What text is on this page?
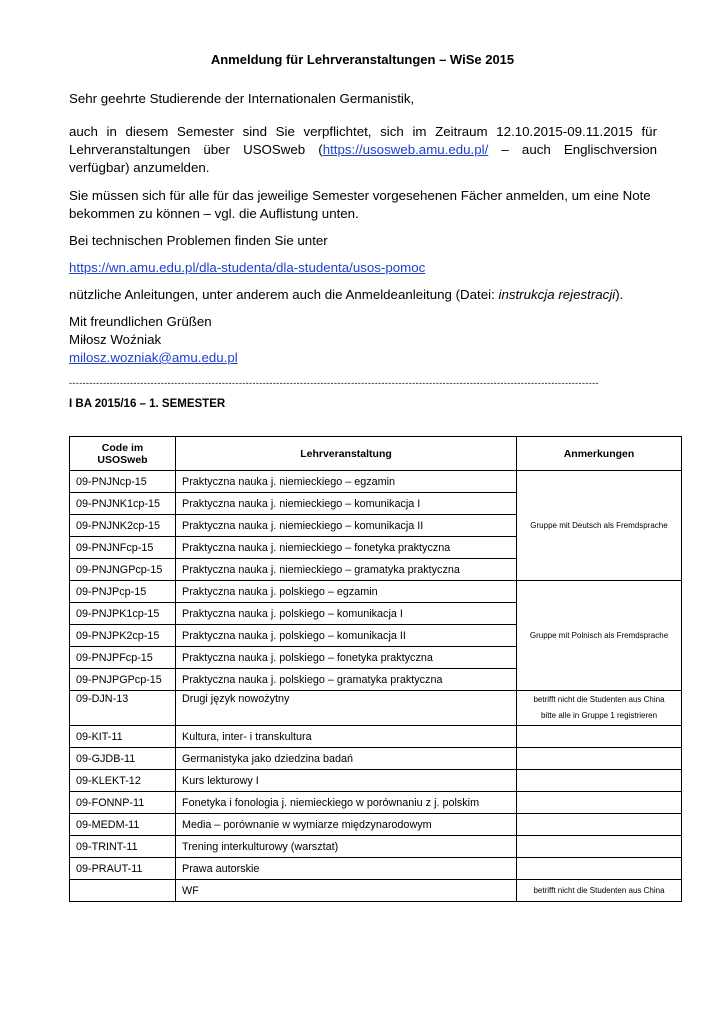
Anmeldung für Lehrveranstaltungen – WiSe 2015
Sehr geehrte Studierende der Internationalen Germanistik,
auch in diesem Semester sind Sie verpflichtet, sich im Zeitraum 12.10.2015-09.11.2015 für Lehrveranstaltungen über USOSweb (https://usosweb.amu.edu.pl/ – auch Englischversion verfügbar) anzumelden.
Sie müssen sich für alle für das jeweilige Semester vorgesehenen Fächer anmelden, um eine Note bekommen zu können – vgl. die Auflistung unten.
Bei technischen Problemen finden Sie unter
https://wn.amu.edu.pl/dla-studenta/dla-studenta/usos-pomoc
nützliche Anleitungen, unter anderem auch die Anmeldeanleitung (Datei: instrukcja rejestracji).
Mit freundlichen Grüßen
Miłosz Woźniak
milosz.wozniak@amu.edu.pl
------------------------------------------------------------------------------------------------------------------------------------------------------------
I BA 2015/16 – 1. SEMESTER
Code im USOSweb	Lehrveranstaltung	Anmerkungen
09-PNJNcp-15	Praktyczna nauka j. niemieckiego – egzamin	Gruppe mit Deutsch als Fremdsprache
09-PNJNK1cp-15	Praktyczna nauka j. niemieckiego – komunikacja I	
09-PNJNK2cp-15	Praktyczna nauka j. niemieckiego – komunikacja II	
09-PNJNFcp-15	Praktyczna nauka j. niemieckiego – fonetyka praktyczna	
09-PNJNGPcp-15	Praktyczna nauka j. niemieckiego – gramatyka praktyczna	
09-PNJPcp-15	Praktyczna nauka j. polskiego – egzamin	Gruppe mit Polnisch als Fremdsprache
09-PNJPK1cp-15	Praktyczna nauka j. polskiego – komunikacja I	
09-PNJPK2cp-15	Praktyczna nauka j. polskiego – komunikacja II	
09-PNJPFcp-15	Praktyczna nauka j. polskiego – fonetyka praktyczna	
09-PNJPGPcp-15	Praktyczna nauka j. polskiego – gramatyka praktyczna	
09-DJN-13	Drugi język nowożytny	betrifft nicht die Studenten aus China
bitte alle in Gruppe 1 registrieren

09-KIT-11	Kultura, inter- i transkultura	
09-GJDB-11	Germanistyka jako dziedzina badań	
09-KLEKT-12	Kurs lekturowy I	
09-FONNP-11	Fonetyka i fonologia j. niemieckiego w porównaniu z j. polskim	
09-MEDM-11	Media – porównanie w wymiarze międzynarodowym	
09-TRINT-11	Trening interkulturowy (warsztat)	
09-PRAUT-11	Prawa autorskie	
	WF	betrifft nicht die Studenten aus China
